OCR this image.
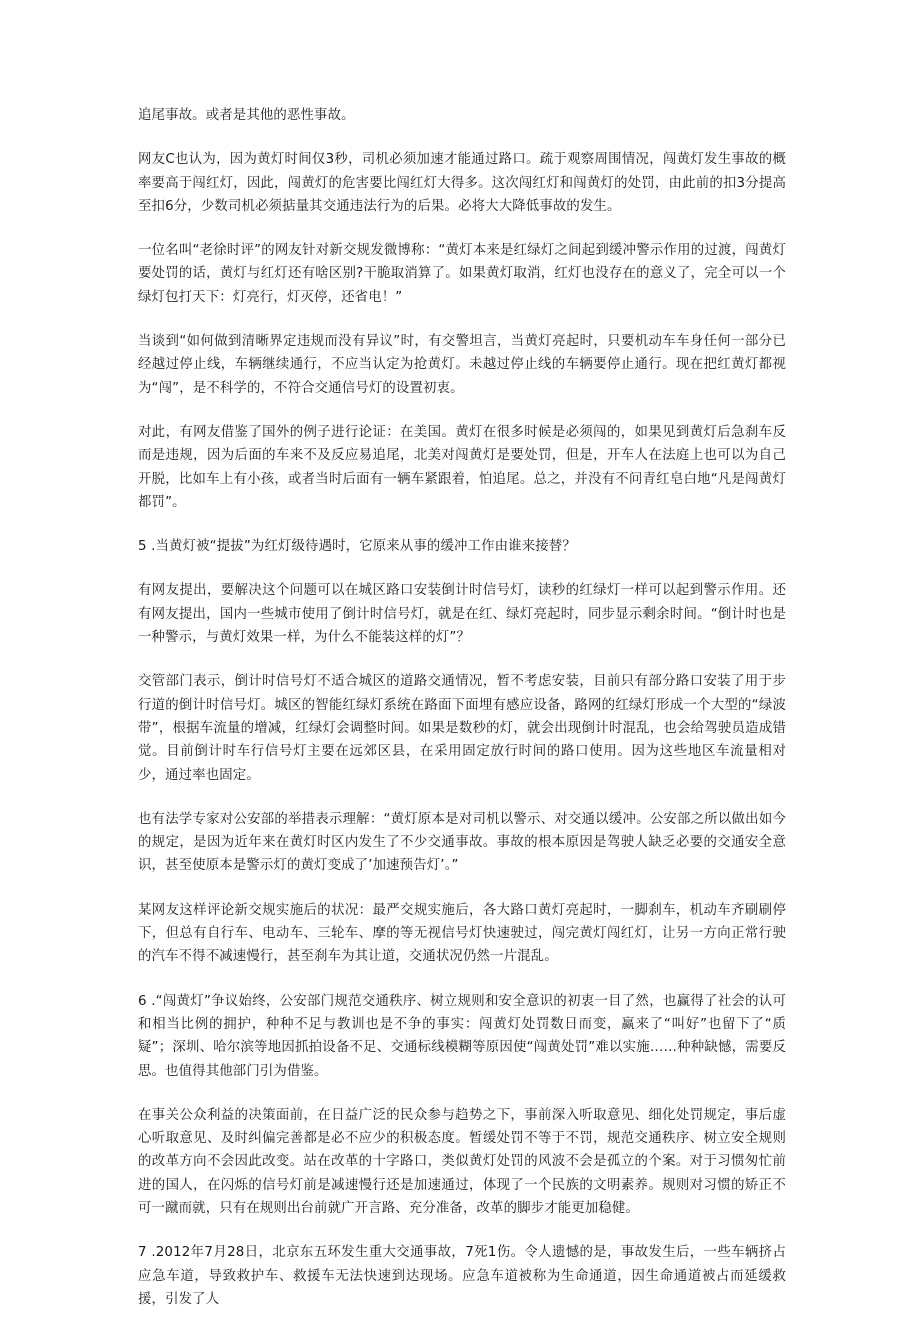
追尾事故。或者是其他的恶性事故。

网友C也认为，因为黄灯时间仅3秒，司机必须加速才能通过路口。疏于观察周围情况，闯黄灯发生事故的概率要高于闯红灯，因此，闯黄灯的危害要比闯红灯大得多。这次闯红灯和闯黄灯的处罚，由此前的扣3分提高至扣6分，少数司机必须掂量其交通违法行为的后果。必将大大降低事故的发生。

一位名叫“老徐时评”的网友针对新交规发微博称：“黄灯本来是红绿灯之间起到缓冲警示作用的过渡，闯黄灯要处罚的话，黄灯与红灯还有啥区别?干脆取消算了。如果黄灯取消，红灯也没存在的意义了，完全可以一个绿灯包打天下：灯亮行，灯灭停，还省电！”

当谈到“如何做到清晰界定违规而没有异议”时，有交警坦言，当黄灯亮起时，只要机动车车身任何一部分已经越过停止线，车辆继续通行，不应当认定为抢黄灯。未越过停止线的车辆要停止通行。现在把红黄灯都视为“闯”，是不科学的，不符合交通信号灯的设置初衷。

对此，有网友借鉴了国外的例子进行论证：在美国。黄灯在很多时候是必须闯的，如果见到黄灯后急刹车反而是违规，因为后面的车来不及反应易追尾，北美对闯黄灯是要处罚，但是，开车人在法庭上也可以为自己开脱，比如车上有小孩，或者当时后面有一辆车紧跟着，怕追尾。总之，并没有不问青红皂白地“凡是闯黄灯都罚”。

5 .当黄灯被“提拔”为红灯级待遇时，它原来从事的缓冲工作由谁来接替？

有网友提出，要解决这个问题可以在城区路口安装倒计时信号灯，读秒的红绿灯一样可以起到警示作用。还有网友提出，国内一些城市使用了倒计时信号灯，就是在红、绿灯亮起时，同步显示剩余时间。“倒计时也是一种警示，与黄灯效果一样，为什么不能装这样的灯”？

交管部门表示，倒计时信号灯不适合城区的道路交通情况，暂不考虑安装，目前只有部分路口安装了用于步行道的倒计时信号灯。城区的智能红绿灯系统在路面下面埋有感应设备，路网的红绿灯形成一个大型的“绿波带”，根据车流量的增减，红绿灯会调整时间。如果是数秒的灯，就会出现倒计时混乱，也会给驾驶员造成错觉。目前倒计时车行信号灯主要在远郊区县，在采用固定放行时间的路口使用。因为这些地区车流量相对少，通过率也固定。

也有法学专家对公安部的举措表示理解：“黄灯原本是对司机以警示、对交通以缓冲。公安部之所以做出如今的规定，是因为近年来在黄灯时区内发生了不少交通事故。事故的根本原因是驾驶人缺乏必要的交通安全意识，甚至使原本是警示灯的黄灯变成了’加速预告灯’。”

某网友这样评论新交规实施后的状况：最严交规实施后，各大路口黄灯亮起时，一脚刹车，机动车齐刷刷停下，但总有自行车、电动车、三轮车、摩的等无视信号灯快速驶过，闯完黄灯闯红灯，让另一方向正常行驶的汽车不得不减速慢行，甚至刹车为其让道，交通状况仍然一片混乱。

6 .“闯黄灯”争议始终，公安部门规范交通秩序、树立规则和安全意识的初衷一目了然，也赢得了社会的认可和相当比例的拥护，种种不足与教训也是不争的事实：闯黄灯处罚数日而变，赢来了“叫好”也留下了“质疑”；深圳、哈尔滨等地因抓拍设备不足、交通标线模糊等原因使“闯黄处罚”难以实施……种种缺憾，需要反思。也值得其他部门引为借鉴。

在事关公众利益的决策面前，在日益广泛的民众参与趋势之下，事前深入听取意见、细化处罚规定，事后虚心听取意见、及时纠偏完善都是必不应少的积极态度。暂缓处罚不等于不罚，规范交通秩序、树立安全规则的改革方向不会因此改变。站在改革的十字路口，类似黄灯处罚的风波不会是孤立的个案。对于习惯匆忙前进的国人，在闪烁的信号灯前是减速慢行还是加速通过，体现了一个民族的文明素养。规则对习惯的矫正不可一蹴而就，只有在规则出台前就广开言路、充分准备，改革的脚步才能更加稳健。

7 .2012年7月28日，北京东五环发生重大交通事故，7死1伤。令人遗憾的是，事故发生后，一些车辆挤占应急车道，导致救护车、救援车无法快速到达现场。应急车道被称为生命通道，因生命通道被占而延缓救援，引发了人
